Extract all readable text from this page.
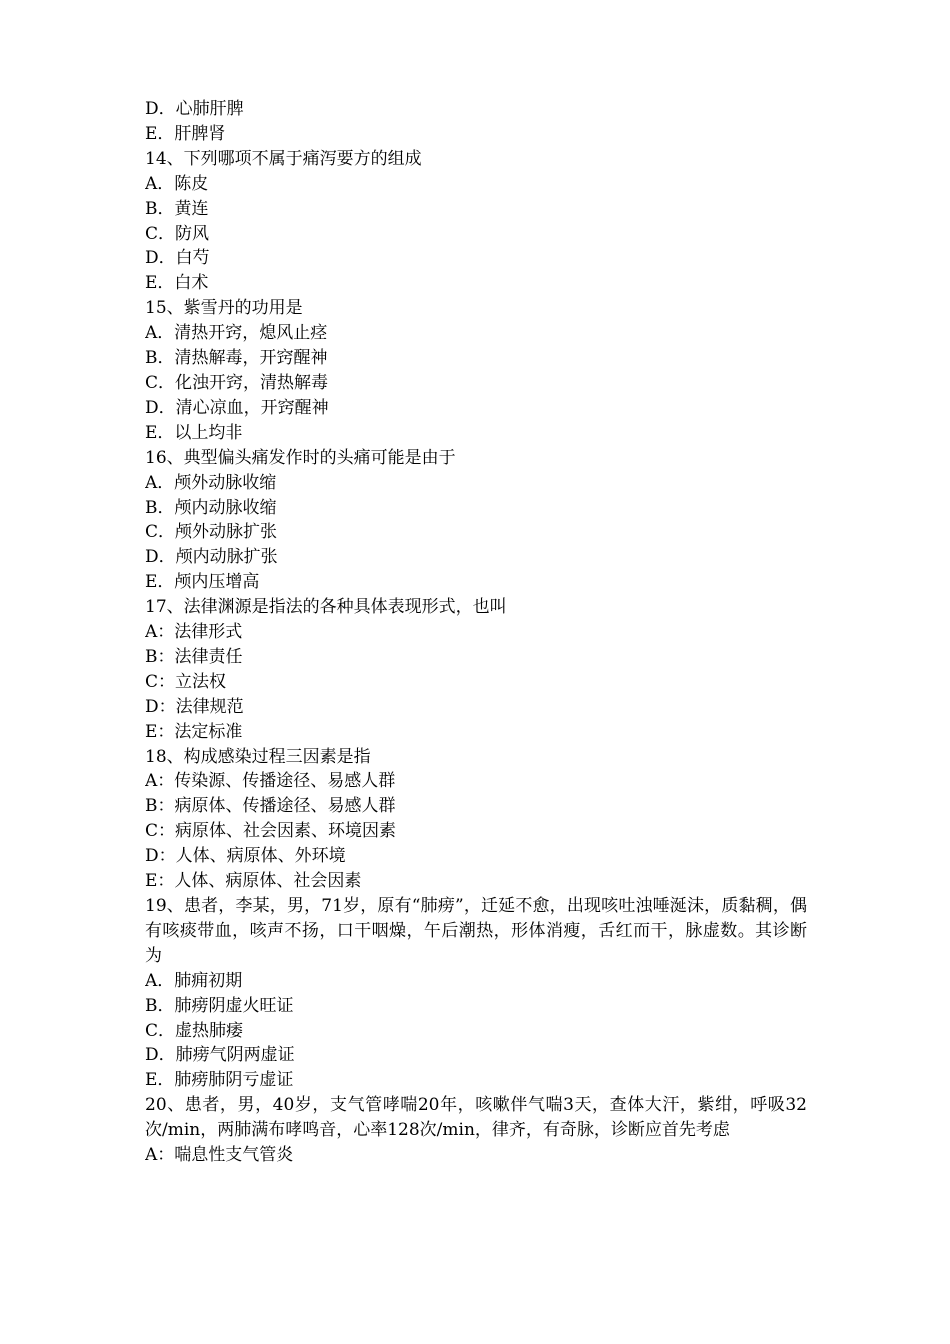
D．心肺肝脾
E．肝脾肾
14、下列哪项不属于痛泻要方的组成
A．陈皮
B．黄连
C．防风
D．白芍
E．白术
15、紫雪丹的功用是
A．清热开窍，熄风止痉
B．清热解毒，开窍醒神
C．化浊开窍，清热解毒
D．清心凉血，开窍醒神
E．以上均非
16、典型偏头痛发作时的头痛可能是由于
A．颅外动脉收缩
B．颅内动脉收缩
C．颅外动脉扩张
D．颅内动脉扩张
E．颅内压增高
17、法律渊源是指法的各种具体表现形式，也叫
A：法律形式
B：法律责任
C：立法权
D：法律规范
E：法定标准
18、构成感染过程三因素是指
A：传染源、传播途径、易感人群
B：病原体、传播途径、易感人群
C：病原体、社会因素、环境因素
D：人体、病原体、外环境
E：人体、病原体、社会因素
19、患者，李某，男，71岁，原有“肺痨”，迁延不愈，出现咳吐浊唾涎沫，质黏稠，偶有咳痰带血，咳声不扬，口干咽燥，午后潮热，形体消瘦，舌红而干，脉虚数。其诊断为
A．肺痈初期
B．肺痨阴虚火旺证
C．虚热肺痿
D．肺痨气阴两虚证
E．肺痨肺阴亏虚证
20、患者，男，40岁，支气管哮喘20年，咳嗽伴气喘3天，查体大汗，紫绀，呼吸32次/min，两肺满布哮鸣音，心率128次/min，律齐，有奇脉，诊断应首先考虑
A：喘息性支气管炎
